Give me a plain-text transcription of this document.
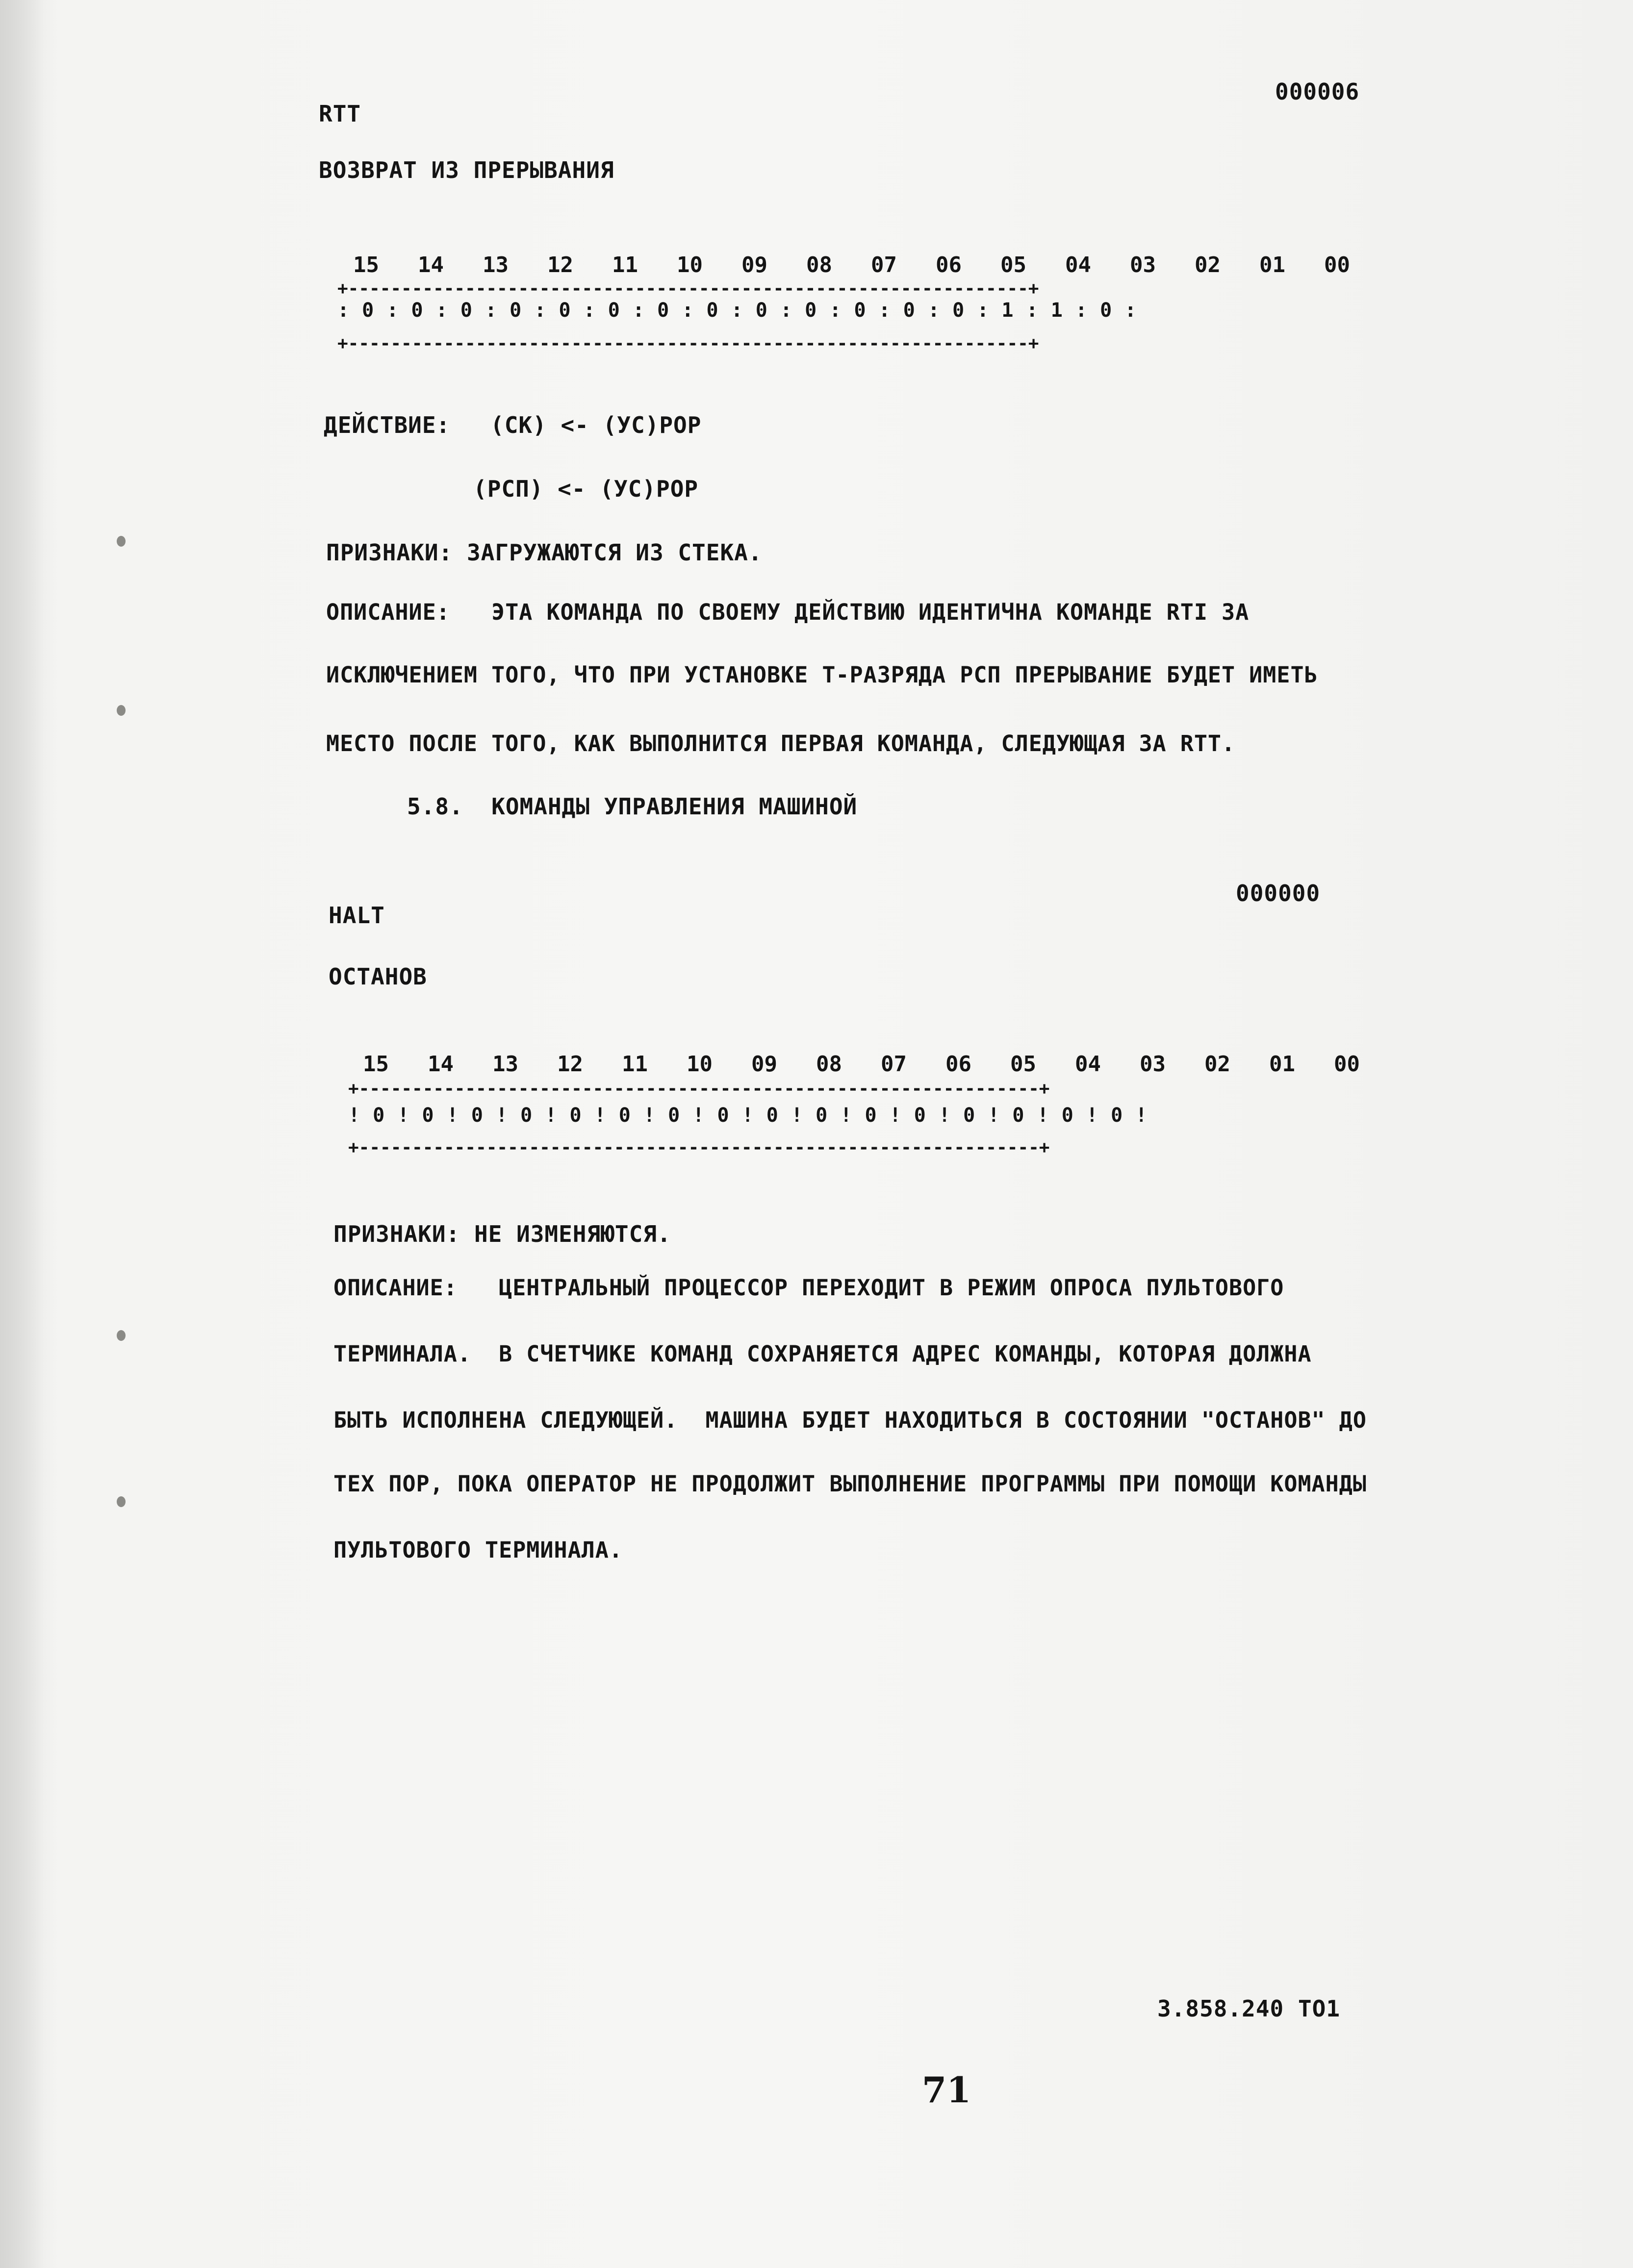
RTT
000006
ВОЗВРАТ ИЗ ПРЕРЫВАНИЯ
15 14 13 12 11 10 09 08 07 06 05 04 03 02 01 00
+----------------------------------------------------------------+
: 0 : 0 : 0 : 0 : 0 : 0 : 0 : 0 : 0 : 0 : 0 : 0 : 0 : 1 : 1 : 0 :
+----------------------------------------------------------------+
ДЕЙСТВИЕ: (СК) <- (УС)POP
(РСП) <- (УС)POP
ПРИЗНАКИ: ЗАГРУЖАЮТСЯ ИЗ СТЕКА.
ОПИСАНИЕ:   ЭТА КОМАНДА ПО СВОЕМУ ДЕЙСТВИЮ ИДЕНТИЧНА КОМАНДЕ RTI ЗА
ИСКЛЮЧЕНИЕМ ТОГО, ЧТО ПРИ УСТАНОВКЕ Т-РАЗРЯДА РСП ПРЕРЫВАНИЕ БУДЕТ ИМЕТЬ
МЕСТО ПОСЛЕ ТОГО, КАК ВЫПОЛНИТСЯ ПЕРВАЯ КОМАНДА, СЛЕДУЮЩАЯ ЗА RTT.
5.8.  КОМАНДЫ УПРАВЛЕНИЯ МАШИНОЙ
HALT
000000
ОСТАНОВ
15 14 13 12 11 10 09 08 07 06 05 04 03 02 01 00
+----------------------------------------------------------------+
! 0 ! 0 ! 0 ! 0 ! 0 ! 0 ! 0 ! 0 ! 0 ! 0 ! 0 ! 0 ! 0 ! 0 ! 0 ! 0 !
+----------------------------------------------------------------+
ПРИЗНАКИ: НЕ ИЗМЕНЯЮТСЯ.
ОПИСАНИЕ:   ЦЕНТРАЛЬНЫЙ ПРОЦЕССОР ПЕРЕХОДИТ В РЕЖИМ ОПРОСА ПУЛЬТОВОГО
ТЕРМИНАЛА.  В СЧЕТЧИКЕ КОМАНД СОХРАНЯЕТСЯ АДРЕС КОМАНДЫ, КОТОРАЯ ДОЛЖНА
БЫТЬ ИСПОЛНЕНА СЛЕДУЮЩЕЙ.  МАШИНА БУДЕТ НАХОДИТЬСЯ В СОСТОЯНИИ "ОСТАНОВ" ДО
ТЕХ ПОР, ПОКА ОПЕРАТОР НЕ ПРОДОЛЖИТ ВЫПОЛНЕНИЕ ПРОГРАММЫ ПРИ ПОМОЩИ КОМАНДЫ
ПУЛЬТОВОГО ТЕРМИНАЛА.
3.858.240 ТО1
71
